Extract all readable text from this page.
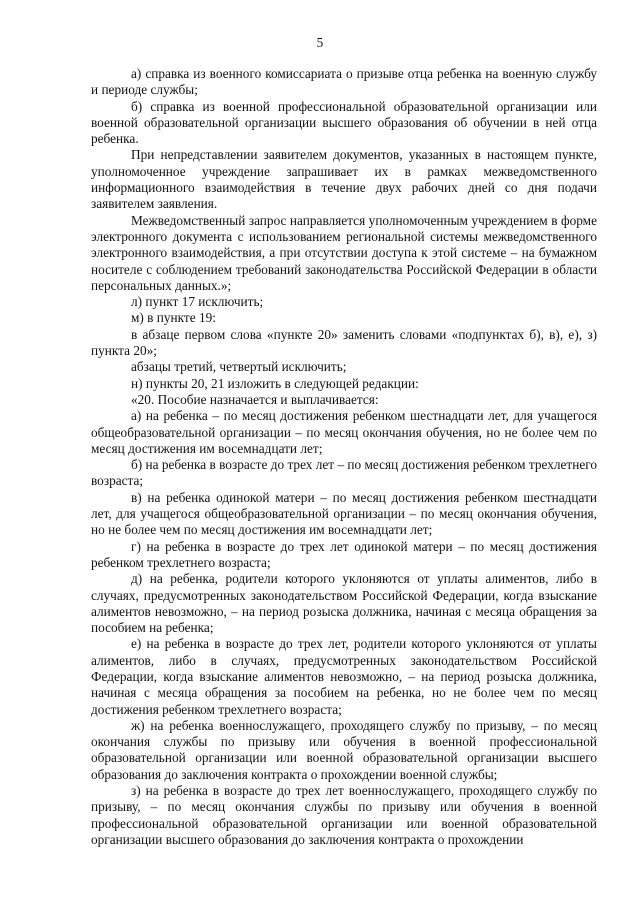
5

а) справка из военного комиссариата о призыве отца ребенка на военную службу и периоде службы;

б) справка из военной профессиональной образовательной организации или военной образовательной организации высшего образования об обучении в ней отца ребенка.

При непредставлении заявителем документов, указанных в настоящем пункте, уполномоченное учреждение запрашивает их в рамках межведомственного информационного взаимодействия в течение двух рабочих дней со дня подачи заявителем заявления.

Межведомственный запрос направляется уполномоченным учреждением в форме электронного документа с использованием региональной системы межведомственного электронного взаимодействия, а при отсутствии доступа к этой системе – на бумажном носителе с соблюдением требований законодательства Российской Федерации в области персональных данных.»;

л) пункт 17 исключить;

м) в пункте 19:

в абзаце первом слова «пункте 20» заменить словами «подпунктах б), в), е), з) пункта 20»;

абзацы третий, четвертый исключить;

н) пункты 20, 21 изложить в следующей редакции:

«20. Пособие назначается и выплачивается:

а) на ребенка – по месяц достижения ребенком шестнадцати лет, для учащегося общеобразовательной организации – по месяц окончания обучения, но не более чем по месяц достижения им восемнадцати лет;

б) на ребенка в возрасте до трех лет – по месяц достижения ребенком трехлетнего возраста;

в) на ребенка одинокой матери – по месяц достижения ребенком шестнадцати лет, для учащегося общеобразовательной организации – по месяц окончания обучения, но не более чем по месяц достижения им восемнадцати лет;

г) на ребенка в возрасте до трех лет одинокой матери – по месяц достижения ребенком трехлетнего возраста;

д) на ребенка, родители которого уклоняются от уплаты алиментов, либо в случаях, предусмотренных законодательством Российской Федерации, когда взыскание алиментов невозможно, – на период розыска должника, начиная с месяца обращения за пособием на ребенка;

е) на ребенка в возрасте до трех лет, родители которого уклоняются от уплаты алиментов, либо в случаях, предусмотренных законодательством Российской Федерации, когда взыскание алиментов невозможно, – на период розыска должника, начиная с месяца обращения за пособием на ребенка, но не более чем по месяц достижения ребенком трехлетнего возраста;

ж) на ребенка военнослужащего, проходящего службу по призыву, – по месяц окончания службы по призыву или обучения в военной профессиональной образовательной организации или военной образовательной организации высшего образования до заключения контракта о прохождении военной службы;

з) на ребенка в возрасте до трех лет военнослужащего, проходящего службу по призыву, – по месяц окончания службы по призыву или обучения в военной профессиональной образовательной организации или военной образовательной организации высшего образования до заключения контракта о прохождении
